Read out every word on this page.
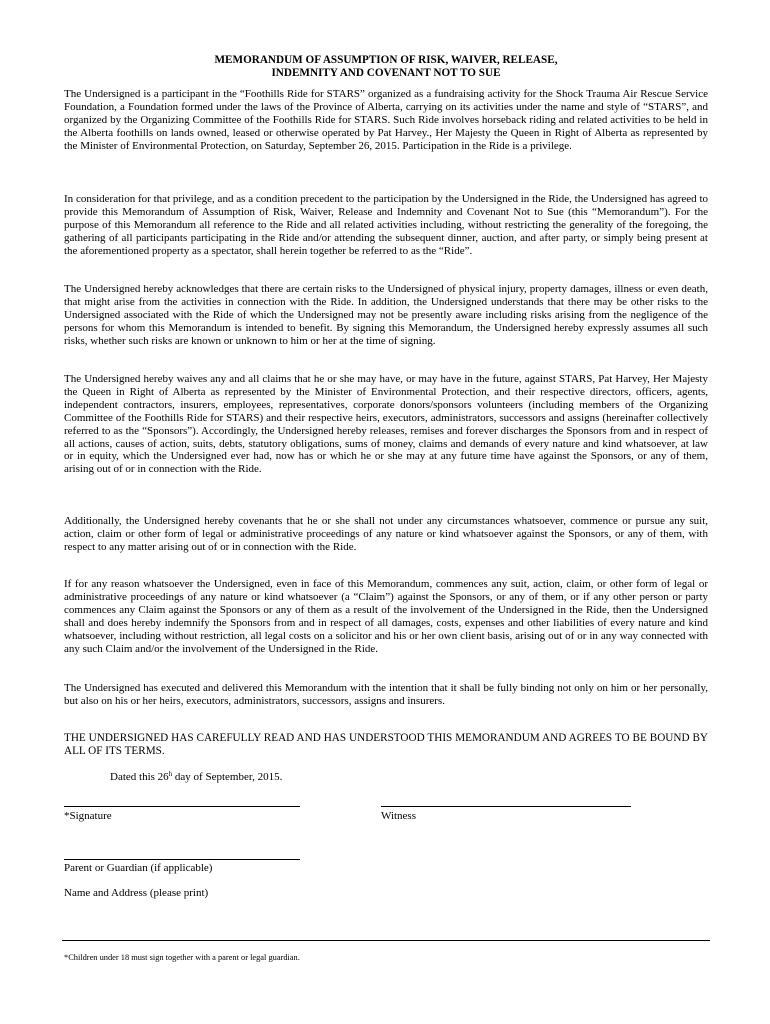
MEMORANDUM OF ASSUMPTION OF RISK, WAIVER, RELEASE,
INDEMNITY AND COVENANT NOT TO SUE

The Undersigned is a participant in the “Foothills Ride for STARS” organized as a fundraising activity for the Shock Trauma Air Rescue Service Foundation, a Foundation formed under the laws of the Province of Alberta, carrying on its activities under the name and style of “STARS”, and organized by the Organizing Committee of the Foothills Ride for STARS. Such Ride involves horseback riding and related activities to be held in the Alberta foothills on lands owned, leased or otherwise operated by Pat Harvey., Her Majesty the Queen in Right of Alberta as represented by the Minister of Environmental Protection, on Saturday, September 26, 2015. Participation in the Ride is a privilege.

In consideration for that privilege, and as a condition precedent to the participation by the Undersigned in the Ride, the Undersigned has agreed to provide this Memorandum of Assumption of Risk, Waiver, Release and Indemnity and Covenant Not to Sue (this “Memorandum”). For the purpose of this Memorandum all reference to the Ride and all related activities including, without restricting the generality of the foregoing, the gathering of all participants participating in the Ride and/or attending the subsequent dinner, auction, and after party, or simply being present at the aforementioned property as a spectator, shall herein together be referred to as the “Ride”.

The Undersigned hereby acknowledges that there are certain risks to the Undersigned of physical injury, property damages, illness or even death, that might arise from the activities in connection with the Ride. In addition, the Undersigned understands that there may be other risks to the Undersigned associated with the Ride of which the Undersigned may not be presently aware including risks arising from the negligence of the persons for whom this Memorandum is intended to benefit. By signing this Memorandum, the Undersigned hereby expressly assumes all such risks, whether such risks are known or unknown to him or her at the time of signing.

The Undersigned hereby waives any and all claims that he or she may have, or may have in the future, against STARS, Pat Harvey, Her Majesty the Queen in Right of Alberta as represented by the Minister of Environmental Protection, and their respective directors, officers, agents, independent contractors, insurers, employees, representatives, corporate donors/sponsors volunteers (including members of the Organizing Committee of the Foothills Ride for STARS) and their respective heirs, executors, administrators, successors and assigns (hereinafter collectively referred to as the “Sponsors”). Accordingly, the Undersigned hereby releases, remises and forever discharges the Sponsors from and in respect of all actions, causes of action, suits, debts, statutory obligations, sums of money, claims and demands of every nature and kind whatsoever, at law or in equity, which the Undersigned ever had, now has or which he or she may at any future time have against the Sponsors, or any of them, arising out of or in connection with the Ride.

Additionally, the Undersigned hereby covenants that he or she shall not under any circumstances whatsoever, commence or pursue any suit, action, claim or other form of legal or administrative proceedings of any nature or kind whatsoever against the Sponsors, or any of them, with respect to any matter arising out of or in connection with the Ride.

If for any reason whatsoever the Undersigned, even in face of this Memorandum, commences any suit, action, claim, or other form of legal or administrative proceedings of any nature or kind whatsoever (a “Claim”) against the Sponsors, or any of them, or if any other person or party commences any Claim against the Sponsors or any of them as a result of the involvement of the Undersigned in the Ride, then the Undersigned shall and does hereby indemnify the Sponsors from and in respect of all damages, costs, expenses and other liabilities of every nature and kind whatsoever, including without restriction, all legal costs on a solicitor and his or her own client basis, arising out of or in any way connected with any such Claim and/or the involvement of the Undersigned in the Ride.

The Undersigned has executed and delivered this Memorandum with the intention that it shall be fully binding not only on him or her personally, but also on his or her heirs, executors, administrators, successors, assigns and insurers.

THE UNDERSIGNED HAS CAREFULLY READ AND HAS UNDERSTOOD THIS MEMORANDUM AND AGREES TO BE BOUND BY ALL OF ITS TERMS.

Dated this 26$^h$ day of September, 2015.
*Signature	Witness
Parent or Guardian (if applicable)
Name and Address (please print)
*Children under 18 must sign together with a parent or legal guardian.
